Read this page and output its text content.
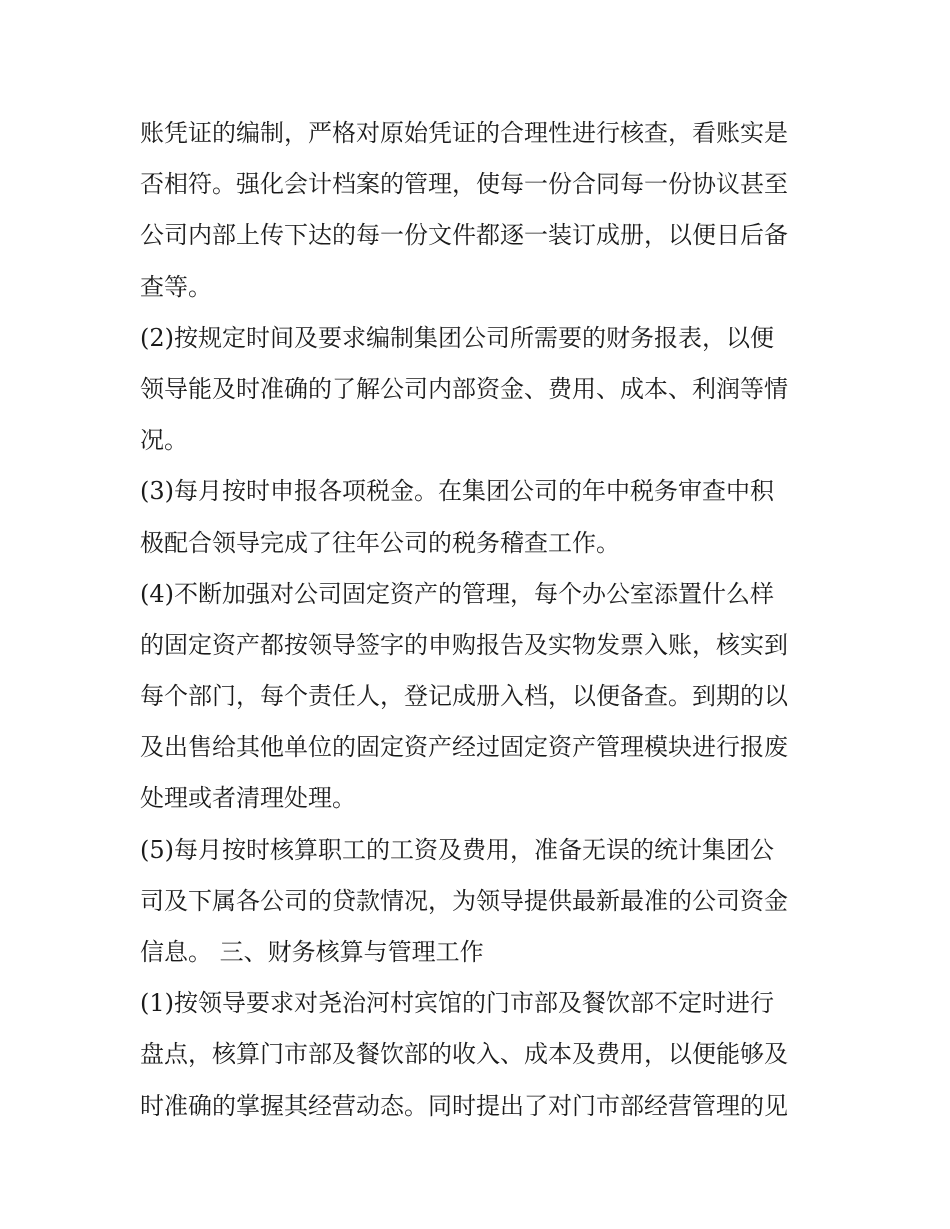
账凭证的编制，严格对原始凭证的合理性进行核查，看账实是
否相符。强化会计档案的管理，使每一份合同每一份协议甚至
公司内部上传下达的每一份文件都逐一装订成册，以便日后备
查等。
(2)按规定时间及要求编制集团公司所需要的财务报表，以便
领导能及时准确的了解公司内部资金、费用、成本、利润等情
况。
(3)每月按时申报各项税金。在集团公司的年中税务审查中积
极配合领导完成了往年公司的税务稽查工作。
(4)不断加强对公司固定资产的管理，每个办公室添置什么样
的固定资产都按领导签字的申购报告及实物发票入账，核实到
每个部门，每个责任人，登记成册入档，以便备查。到期的以
及出售给其他单位的固定资产经过固定资产管理模块进行报废
处理或者清理处理。
(5)每月按时核算职工的工资及费用，准备无误的统计集团公
司及下属各公司的贷款情况，为领导提供最新最准的公司资金
信息。 三、财务核算与管理工作
(1)按领导要求对尧治河村宾馆的门市部及餐饮部不定时进行
盘点，核算门市部及餐饮部的收入、成本及费用，以便能够及
时准确的掌握其经营动态。同时提出了对门市部经营管理的见
